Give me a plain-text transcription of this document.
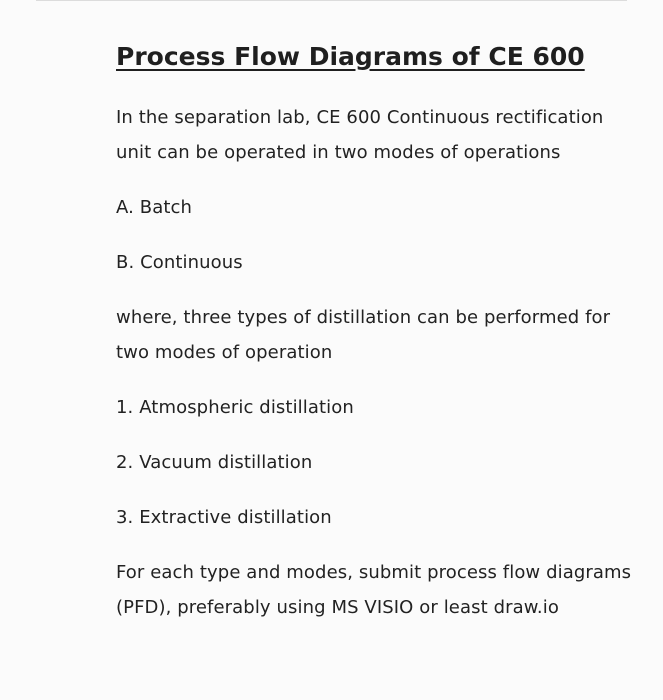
Process Flow Diagrams of CE 600

In the separation lab, CE 600 Continuous rectification unit can be operated in two modes of operations

A. Batch

B. Continuous

where, three types of distillation can be performed for two modes of operation

1. Atmospheric distillation

2. Vacuum distillation

3. Extractive distillation

For each type and modes, submit process flow diagrams (PFD), preferably using MS VISIO or least draw.io
